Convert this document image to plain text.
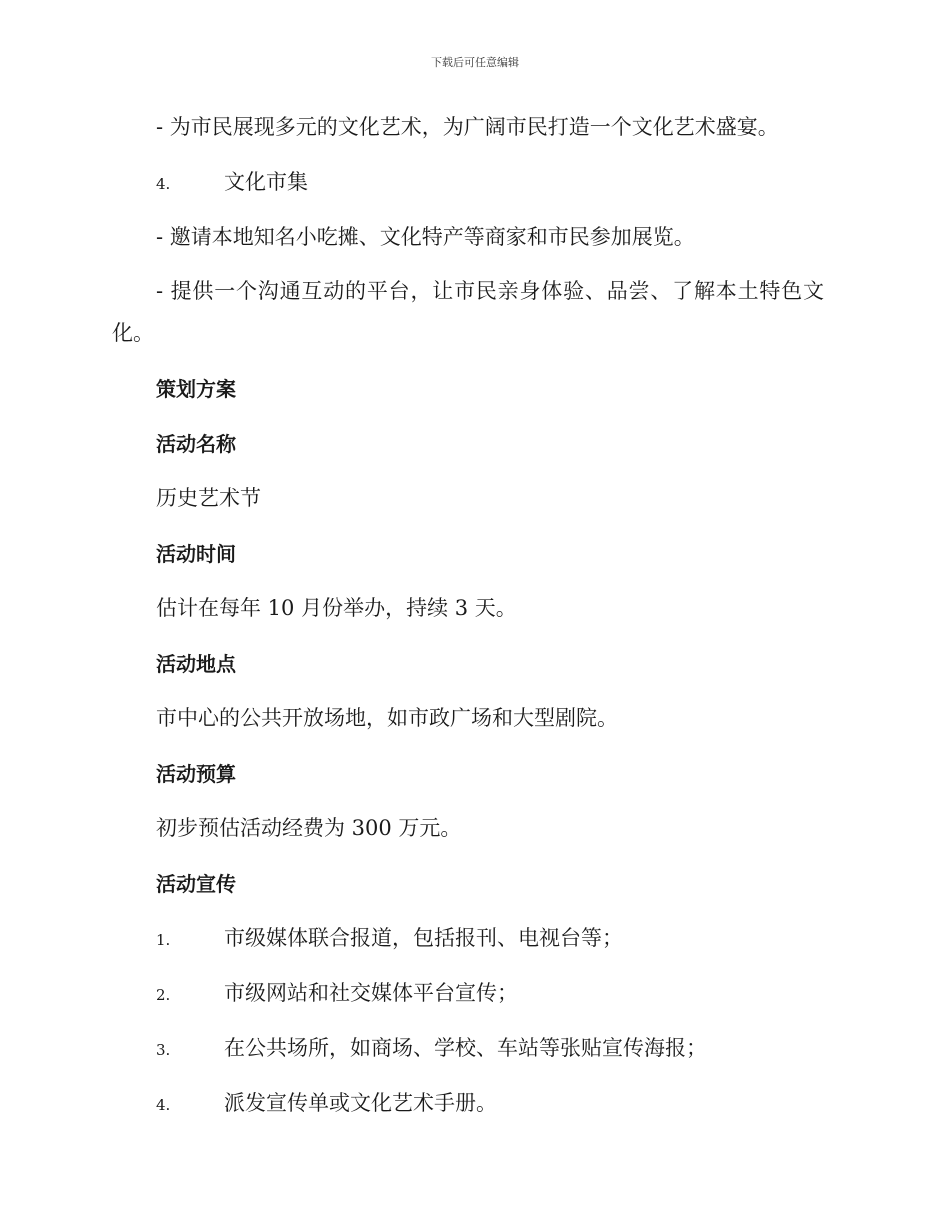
下载后可任意编辑
- 为市民展现多元的文化艺术，为广阔市民打造一个文化艺术盛宴。
4.	文化市集
- 邀请本地知名小吃摊、文化特产等商家和市民参加展览。
- 提供一个沟通互动的平台，让市民亲身体验、品尝、了解本土特色文化。
策划方案
活动名称
历史艺术节
活动时间
估计在每年 10 月份举办，持续 3 天。
活动地点
市中心的公共开放场地，如市政广场和大型剧院。
活动预算
初步预估活动经费为 300 万元。
活动宣传
1.	市级媒体联合报道，包括报刊、电视台等；
2.	市级网站和社交媒体平台宣传；
3.	在公共场所，如商场、学校、车站等张贴宣传海报；
4.	派发宣传单或文化艺术手册。
